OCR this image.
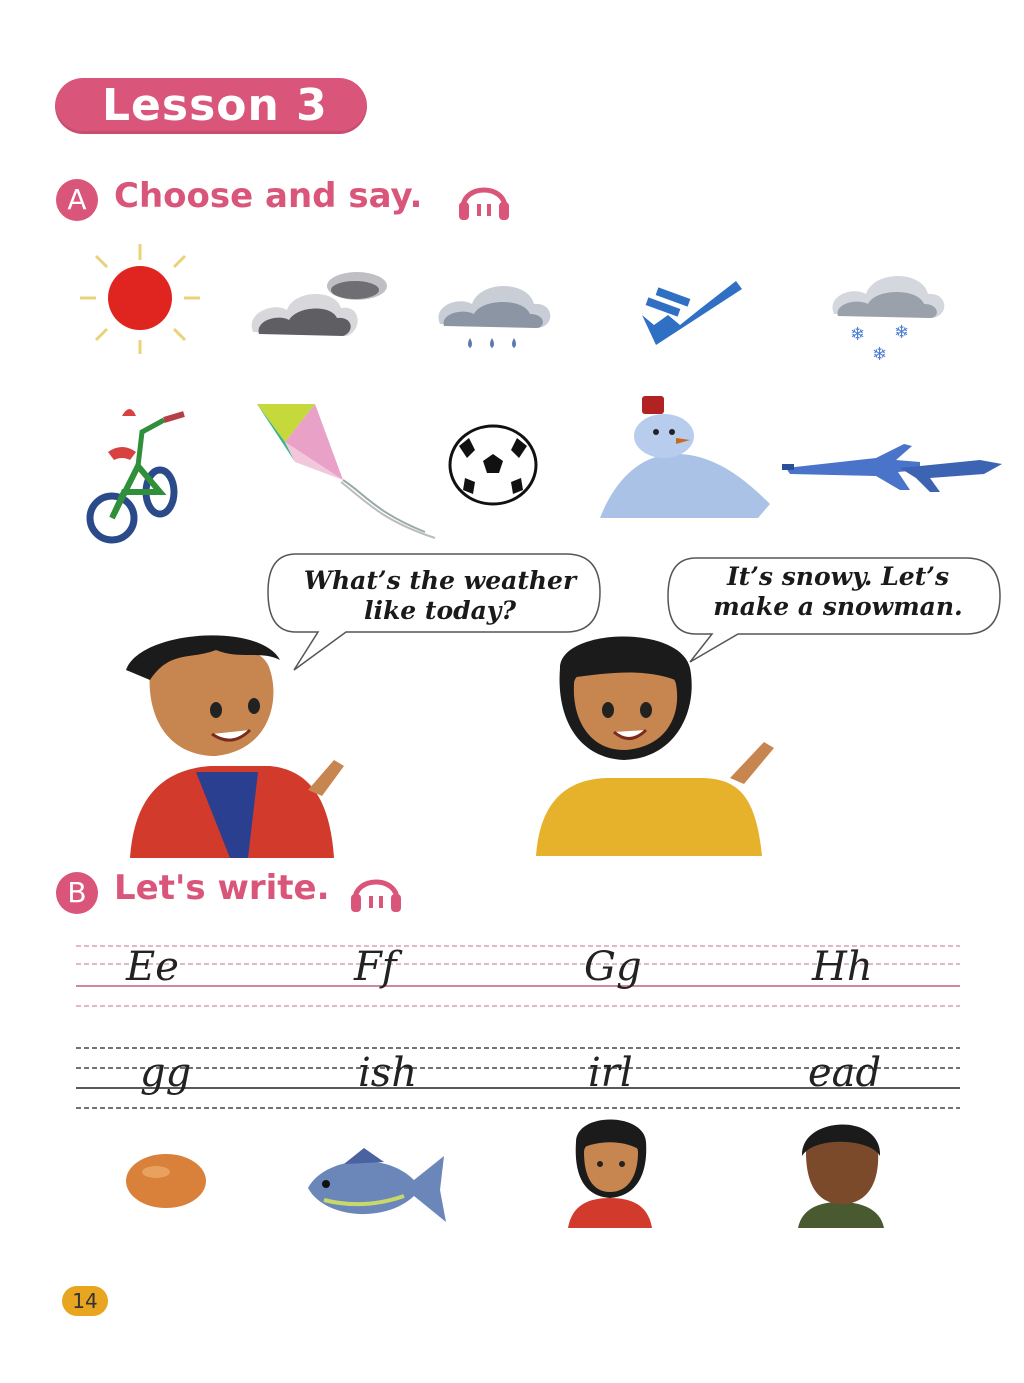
Lesson 3
A Choose and say.
❄ ❄
❄
What’s the weather like today?
It’s snowy. Let’s make a snowman.
B Let's write.
Ee	Ff	Gg	Hh
gg	ish	irl	ead
14
